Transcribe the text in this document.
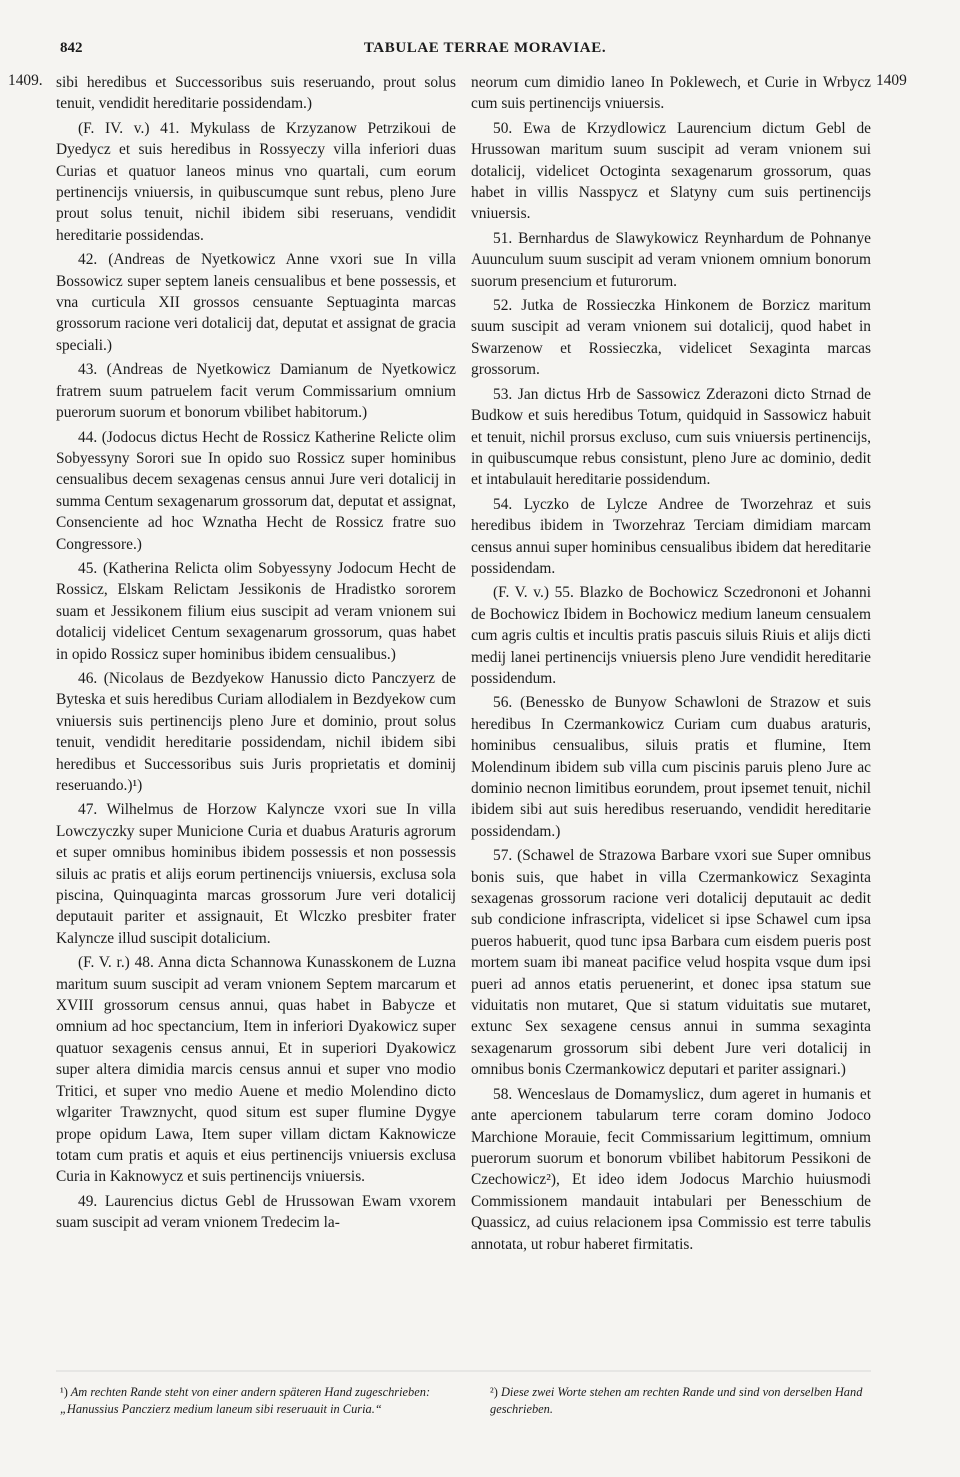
842	TABULAE TERRAE MORAVIAE.
1409.	1409

sibi heredibus et Successoribus suis reseruando, prout solus tenuit, vendidit hereditarie possidendam.)

(F. IV. v.) 41. Mykulass de Krzyzanow Petrzikoui de Dyedycz et suis heredibus in Rossyeczy villa inferiori duas Curias et quatuor laneos minus vno quartali, cum eorum pertinencijs vniuersis, in quibuscumque sunt rebus, pleno Jure prout solus tenuit, nichil ibidem sibi reseruans, vendidit hereditarie possidendas.

42. (Andreas de Nyetkowicz Anne vxori sue In villa Bossowicz super septem laneis censualibus et bene possessis, et vna curticula XII grossos censuante Septuaginta marcas grossorum racione veri dotalicij dat, deputat et assignat de gracia speciali.)

43. (Andreas de Nyetkowicz Damianum de Nyetkowicz fratrem suum patruelem facit verum Commissarium omnium puerorum suorum et bonorum vbilibet habitorum.)

44. (Jodocus dictus Hecht de Rossicz Katherine Relicte olim Sobyessyny Sorori sue In opido suo Rossicz super hominibus censualibus decem sexagenas census annui Jure veri dotalicij in summa Centum sexagenarum grossorum dat, deputat et assignat, Consenciente ad hoc Wznatha Hecht de Rossicz fratre suo Congressore.)

45. (Katherina Relicta olim Sobyessyny Jodocum Hecht de Rossicz, Elskam Relictam Jessikonis de Hradistko sororem suam et Jessikonem filium eius suscipit ad veram vnionem sui dotalicij videlicet Centum sexagenarum grossorum, quas habet in opido Rossicz super hominibus ibidem censualibus.)

46. (Nicolaus de Bezdyekow Hanussio dicto Panczyerz de Byteska et suis heredibus Curiam allodialem in Bezdyekow cum vniuersis suis pertinencijs pleno Jure et dominio, prout solus tenuit, vendidit hereditarie possidendam, nichil ibidem sibi heredibus et Successoribus suis Juris proprietatis et dominij reseruando.)¹)

47. Wilhelmus de Horzow Kalyncze vxori sue In villa Lowczyczky super Municione Curia et duabus Araturis agrorum et super omnibus hominibus ibidem possessis et non possessis siluis ac pratis et alijs eorum pertinencijs vniuersis, exclusa sola piscina, Quinquaginta marcas grossorum Jure veri dotalicij deputauit pariter et assignauit, Et Wlczko presbiter frater Kalyncze illud suscipit dotalicium.

(F. V. r.) 48. Anna dicta Schannowa Kunasskonem de Luzna maritum suum suscipit ad veram vnionem Septem marcarum et XVIII grossorum census annui, quas habet in Babycze et omnium ad hoc spectancium, Item in inferiori Dyakowicz super quatuor sexagenis census annui, Et in superiori Dyakowicz super altera dimidia marcis census annui et super vno modio Tritici, et super vno medio Auene et medio Molendino dicto wlgariter Trawznycht, quod situm est super flumine Dygye prope opidum Lawa, Item super villam dictam Kaknowicze totam cum pratis et aquis et eius pertinencijs vniuersis exclusa Curia in Kaknowycz et suis pertinencijs vniuersis.

49. Laurencius dictus Gebl de Hrussowan Ewam vxorem suam suscipit ad veram vnionem Tredecim la-

neorum cum dimidio laneo In Poklewech, et Curie in Wrbycz cum suis pertinencijs vniuersis.

50. Ewa de Krzydlowicz Laurencium dictum Gebl de Hrussowan maritum suum suscipit ad veram vnionem sui dotalicij, videlicet Octoginta sexagenarum grossorum, quas habet in villis Nasspycz et Slatyny cum suis pertinencijs vniuersis.

51. Bernhardus de Slawykowicz Reynhardum de Pohnanye Auunculum suum suscipit ad veram vnionem omnium bonorum suorum presencium et futurorum.

52. Jutka de Rossieczka Hinkonem de Borzicz maritum suum suscipit ad veram vnionem sui dotalicij, quod habet in Swarzenow et Rossieczka, videlicet Sexaginta marcas grossorum.

53. Jan dictus Hrb de Sassowicz Zderazoni dicto Strnad de Budkow et suis heredibus Totum, quidquid in Sassowicz habuit et tenuit, nichil prorsus excluso, cum suis vniuersis pertinencijs, in quibuscumque rebus consistunt, pleno Jure ac dominio, dedit et intabulauit hereditarie possidendum.

54. Lyczko de Lylcze Andree de Tworzehraz et suis heredibus ibidem in Tworzehraz Terciam dimidiam marcam census annui super hominibus censualibus ibidem dat hereditarie possidendam.

(F. V. v.) 55. Blazko de Bochowicz Sczedrononi et Johanni de Bochowicz Ibidem in Bochowicz medium laneum censualem cum agris cultis et incultis pratis pascuis siluis Riuis et alijs dicti medij lanei pertinencijs vniuersis pleno Jure vendidit hereditarie possidendum.

56. (Benessko de Bunyow Schawloni de Strazow et suis heredibus In Czermankowicz Curiam cum duabus araturis, hominibus censualibus, siluis pratis et flumine, Item Molendinum ibidem sub villa cum piscinis paruis pleno Jure ac dominio necnon limitibus eorundem, prout ipsemet tenuit, nichil ibidem sibi aut suis heredibus reseruando, vendidit hereditarie possidendam.)

57. (Schawel de Strazowa Barbare vxori sue Super omnibus bonis suis, que habet in villa Czermankowicz Sexaginta sexagenas grossorum racione veri dotalicij deputauit ac dedit sub condicione infrascripta, videlicet si ipse Schawel cum ipsa pueros habuerit, quod tunc ipsa Barbara cum eisdem pueris post mortem suam ibi maneat pacifice velud hospita vsque dum ipsi pueri ad annos etatis peruenerint, et donec ipsa statum sue viduitatis non mutaret, Que si statum viduitatis sue mutaret, extunc Sex sexagene census annui in summa sexaginta sexagenarum grossorum sibi debent Jure veri dotalicij in omnibus bonis Czermankowicz deputari et pariter assignari.)

58. Wenceslaus de Domamyslicz, dum ageret in humanis et ante apercionem tabularum terre coram domino Jodoco Marchione Morauie, fecit Commissarium legittimum, omnium puerorum suorum et bonorum vbilibet habitorum Pessikoni de Czechowicz²), Et ideo idem Jodocus Marchio huiusmodi Commissionem mandauit intabulari per Benesschium de Quassicz, ad cuius relacionem ipsa Commissio est terre tabulis annotata, ut robur haberet firmitatis.

¹) Am rechten Rande steht von einer andern späteren Hand zugeschrieben: „Hanussius Panczierz medium laneum sibi reseruauit in Curia.“
²) Diese zwei Worte stehen am rechten Rande und sind von derselben Hand geschrieben.
